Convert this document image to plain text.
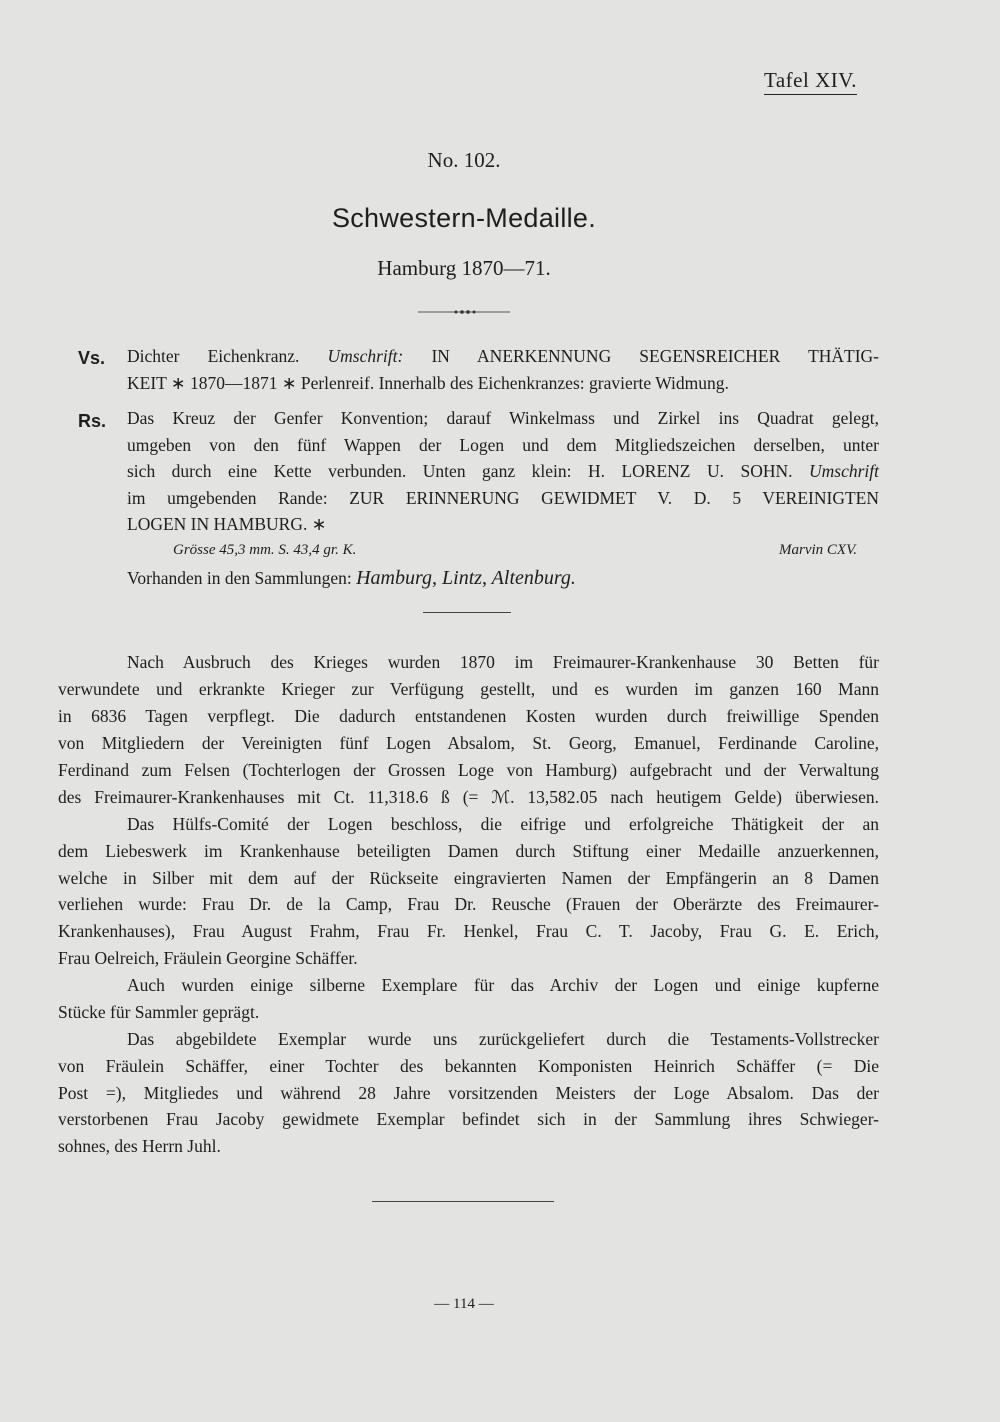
Tafel XIV.
No. 102.
Schwestern-Medaille.
Hamburg 1870—71.
Vs. Dichter Eichenkranz. Umschrift: IN ANERKENNUNG SEGENSREICHER THÄTIG-
KEIT ∗ 1870—1871 ∗ Perlenreif. Innerhalb des Eichenkranzes: gravierte Widmung.
Rs. Das Kreuz der Genfer Konvention; darauf Winkelmass und Zirkel ins Quadrat gelegt,
umgeben von den fünf Wappen der Logen und dem Mitgliedszeichen derselben, unter
sich durch eine Kette verbunden. Unten ganz klein: H. LORENZ U. SOHN. Umschrift
im umgebenden Rande: ZUR ERINNERUNG GEWIDMET V. D. 5 VEREINIGTEN
LOGEN IN HAMBURG. ∗
Grösse 45,3 mm. S. 43,4 gr. K.	Marvin CXV.
Vorhanden in den Sammlungen: Hamburg, Lintz, Altenburg.
Nach Ausbruch des Krieges wurden 1870 im Freimaurer-Krankenhause 30 Betten für
verwundete und erkrankte Krieger zur Verfügung gestellt, und es wurden im ganzen 160 Mann
in 6836 Tagen verpflegt. Die dadurch entstandenen Kosten wurden durch freiwillige Spenden
von Mitgliedern der Vereinigten fünf Logen Absalom, St. Georg, Emanuel, Ferdinande Caroline,
Ferdinand zum Felsen (Tochterlogen der Grossen Loge von Hamburg) aufgebracht und der Verwaltung
des Freimaurer-Krankenhauses mit Ct. 11,318.6 ß (= ℳ. 13,582.05 nach heutigem Gelde) überwiesen.
Das Hülfs-Comité der Logen beschloss, die eifrige und erfolgreiche Thätigkeit der an
dem Liebeswerk im Krankenhause beteiligten Damen durch Stiftung einer Medaille anzuerkennen,
welche in Silber mit dem auf der Rückseite eingravierten Namen der Empfängerin an 8 Damen
verliehen wurde: Frau Dr. de la Camp, Frau Dr. Reusche (Frauen der Oberärzte des Freimaurer-
Krankenhauses), Frau August Frahm, Frau Fr. Henkel, Frau C. T. Jacoby, Frau G. E. Erich,
Frau Oelreich, Fräulein Georgine Schäffer.
Auch wurden einige silberne Exemplare für das Archiv der Logen und einige kupferne
Stücke für Sammler geprägt.
Das abgebildete Exemplar wurde uns zurückgeliefert durch die Testaments-Vollstrecker
von Fräulein Schäffer, einer Tochter des bekannten Komponisten Heinrich Schäffer (= Die
Post =), Mitgliedes und während 28 Jahre vorsitzenden Meisters der Loge Absalom. Das der
verstorbenen Frau Jacoby gewidmete Exemplar befindet sich in der Sammlung ihres Schwieger-
sohnes, des Herrn Juhl.
— 114 —
